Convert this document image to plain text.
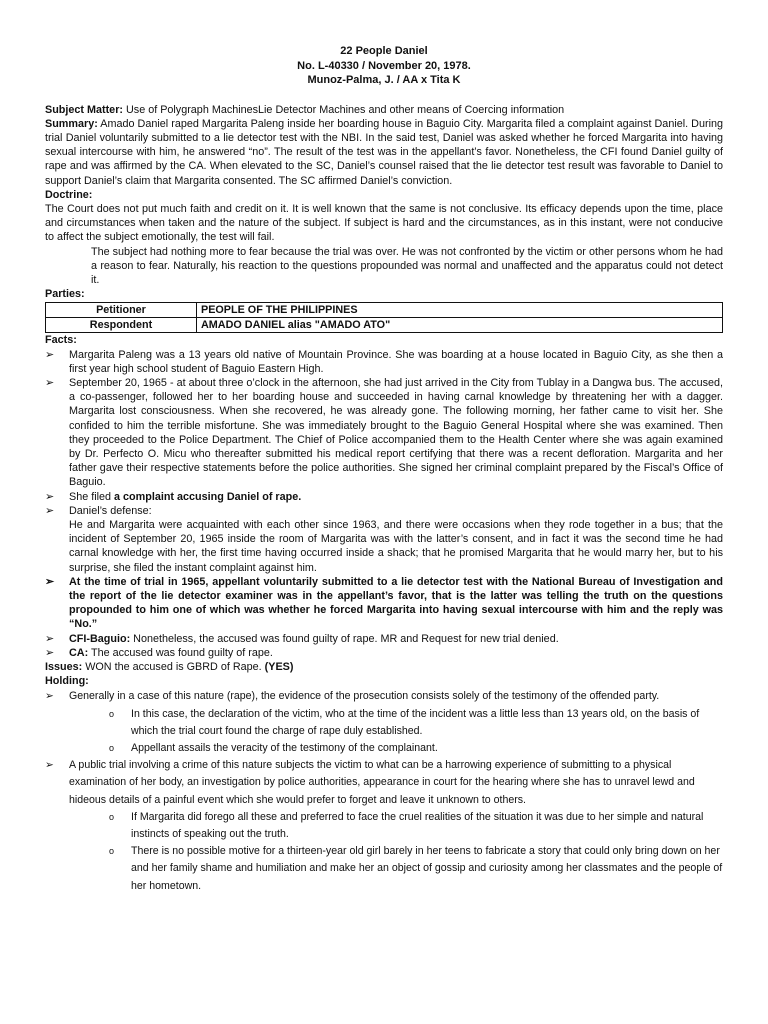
22 People Daniel
No. L-40330 / November 20, 1978.
Munoz-Palma, J. / AA x Tita K

Subject Matter: Use of Polygraph MachinesLie Detector Machines and other means of Coercing information

Summary: Amado Daniel raped Margarita Paleng inside her boarding house in Baguio City. Margarita filed a complaint against Daniel. During trial Daniel voluntarily submitted to a lie detector test with the NBI. In the said test, Daniel was asked whether he forced Margarita into having sexual intercourse with him, he answered “no”. The result of the test was in the appellant’s favor. Nonetheless, the CFI found Daniel guilty of rape and was affirmed by the CA. When elevated to the SC, Daniel’s counsel raised that the lie detector test result was favorable to Daniel to support Daniel’s claim that Margarita consented. The SC affirmed Daniel’s conviction.

Doctrine:

The Court does not put much faith and credit on it. It is well known that the same is not conclusive. Its efficacy depends upon the time, place and circumstances when taken and the nature of the subject. If subject is hard and the circumstances, as in this instant, were not conducive to affect the subject emotionally, the test will fail.

The subject had nothing more to fear because the trial was over. He was not confronted by the victim or other persons whom he had a reason to fear. Naturally, his reaction to the questions propounded was normal and unaffected and the apparatus could not detect it.

Parties:

Petitioner	PEOPLE OF THE PHILIPPINES
Respondent	AMADO DANIEL alias "AMADO ATO"

Facts:

➢	Margarita Paleng was a 13 years old native of Mountain Province. She was boarding at a house located in Baguio City, as she then a first year high school student of Baguio Eastern High.
➢	September 20, 1965 - at about three o’clock in the afternoon, she had just arrived in the City from Tublay in a Dangwa bus. The accused, a co-passenger, followed her to her boarding house and succeeded in having carnal knowledge by threatening her with a dagger. Margarita lost consciousness. When she recovered, he was already gone. The following morning, her father came to visit her. She confided to him the terrible misfortune. She was immediately brought to the Baguio General Hospital where she was examined. Then they proceeded to the Police Department. The Chief of Police accompanied them to the Health Center where she was again examined by Dr. Perfecto O. Micu who thereafter submitted his medical report certifying that there was a recent defloration. Margarita and her father gave their respective statements before the police authorities. She signed her criminal complaint prepared by the Fiscal’s Office of Baguio.
➢	She filed a complaint accusing Daniel of rape.
➢	Daniel’s defense:
He and Margarita were acquainted with each other since 1963, and there were occasions when they rode together in a bus; that the incident of September 20, 1965 inside the room of Margarita was with the latter’s consent, and in fact it was the second time he had carnal knowledge with her, the first time having occurred inside a shack; that he promised Margarita that he would marry her, but to his surprise, she filed the instant complaint against him.
➢	At the time of trial in 1965, appellant voluntarily submitted to a lie detector test with the National Bureau of Investigation and the report of the lie detector examiner was in the appellant’s favor, that is the latter was telling the truth on the questions propounded to him one of which was whether he forced Margarita into having sexual intercourse with him and the reply was “No.”
➢	CFI-Baguio: Nonetheless, the accused was found guilty of rape. MR and Request for new trial denied.
➢	CA: The accused was found guilty of rape.

Issues: WON the accused is GBRD of Rape. (YES)

Holding:

➢	Generally in a case of this nature (rape), the evidence of the prosecution consists solely of the testimony of the offended party.
o In this case, the declaration of the victim, who at the time of the incident was a little less than 13 years old, on the basis of which the trial court found the charge of rape duly established.
o Appellant assails the veracity of the testimony of the complainant.
➢	A public trial involving a crime of this nature subjects the victim to what can be a harrowing experience of submitting to a physical examination of her body, an investigation by police authorities, appearance in court for the hearing where she has to unravel lewd and hideous details of a painful event which she would prefer to forget and leave it unknown to others.
o If Margarita did forego all these and preferred to face the cruel realities of the situation it was due to her simple and natural instincts of speaking out the truth.
o There is no possible motive for a thirteen-year old girl barely in her teens to fabricate a story that could only bring down on her and her family shame and humiliation and make her an object of gossip and curiosity among her classmates and the people of her hometown.
